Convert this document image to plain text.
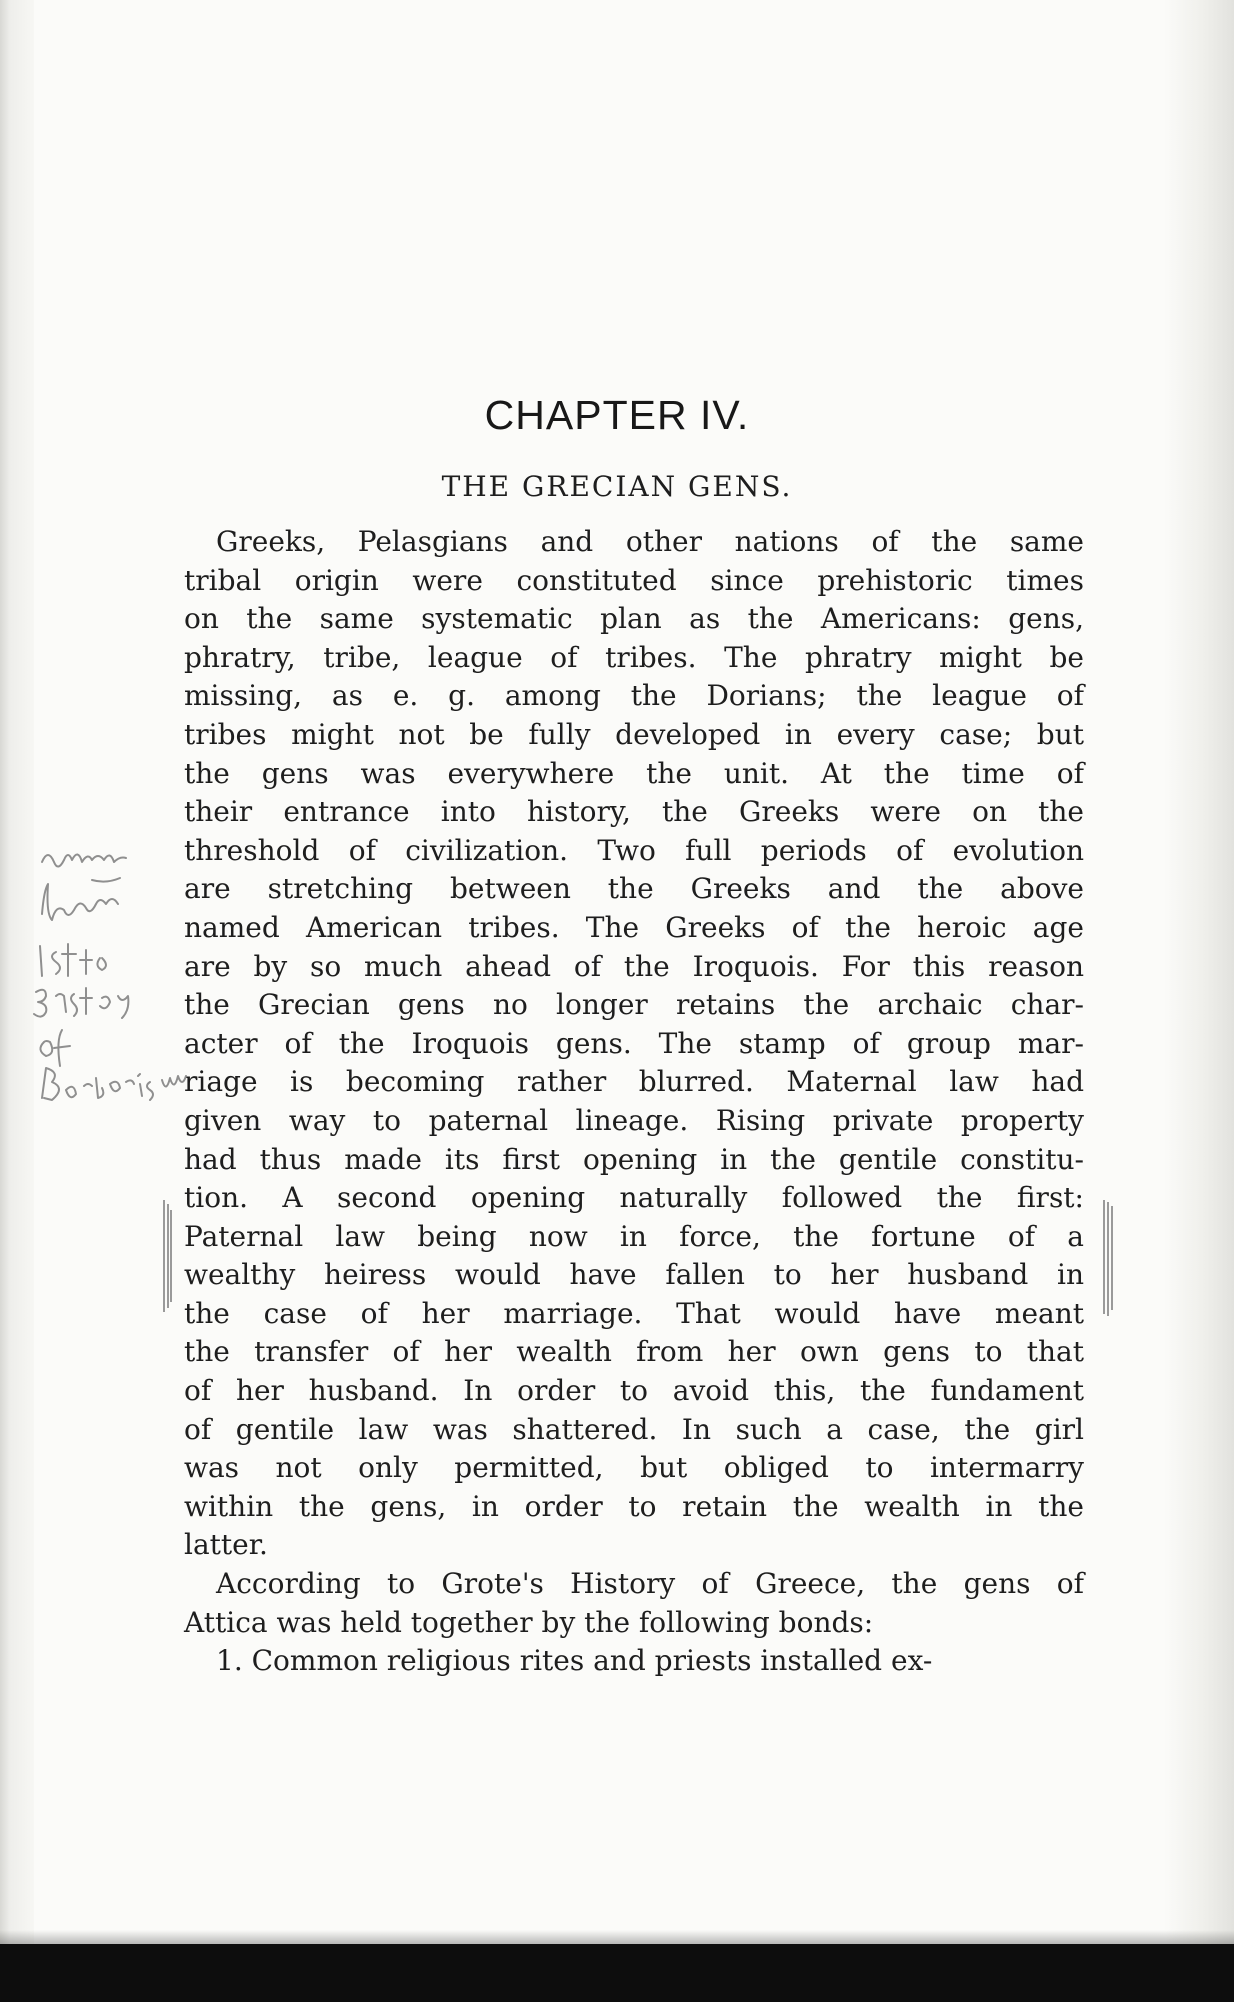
CHAPTER IV.
THE GRECIAN GENS.
Greeks, Pelasgians and other nations of the same
tribal origin were constituted since prehistoric times
on the same systematic plan as the Americans: gens,
phratry, tribe, league of tribes. The phratry might be
missing, as e. g. among the Dorians; the league of
tribes might not be fully developed in every case; but
the gens was everywhere the unit. At the time of
their entrance into history, the Greeks were on the
threshold of civilization. Two full periods of evolution
are stretching between the Greeks and the above
named American tribes. The Greeks of the heroic age
are by so much ahead of the Iroquois. For this reason
the Grecian gens no longer retains the archaic char-
acter of the Iroquois gens. The stamp of group mar-
riage is becoming rather blurred. Maternal law had
given way to paternal lineage. Rising private property
had thus made its first opening in the gentile constitu-
tion. A second opening naturally followed the first:
Paternal law being now in force, the fortune of a
wealthy heiress would have fallen to her husband in
the case of her marriage. That would have meant
the transfer of her wealth from her own gens to that
of her husband. In order to avoid this, the fundament
of gentile law was shattered. In such a case, the girl
was not only permitted, but obliged to intermarry
within the gens, in order to retain the wealth in the
latter.
According to Grote's History of Greece, the gens of
Attica was held together by the following bonds:
1. Common religious rites and priests installed ex-
